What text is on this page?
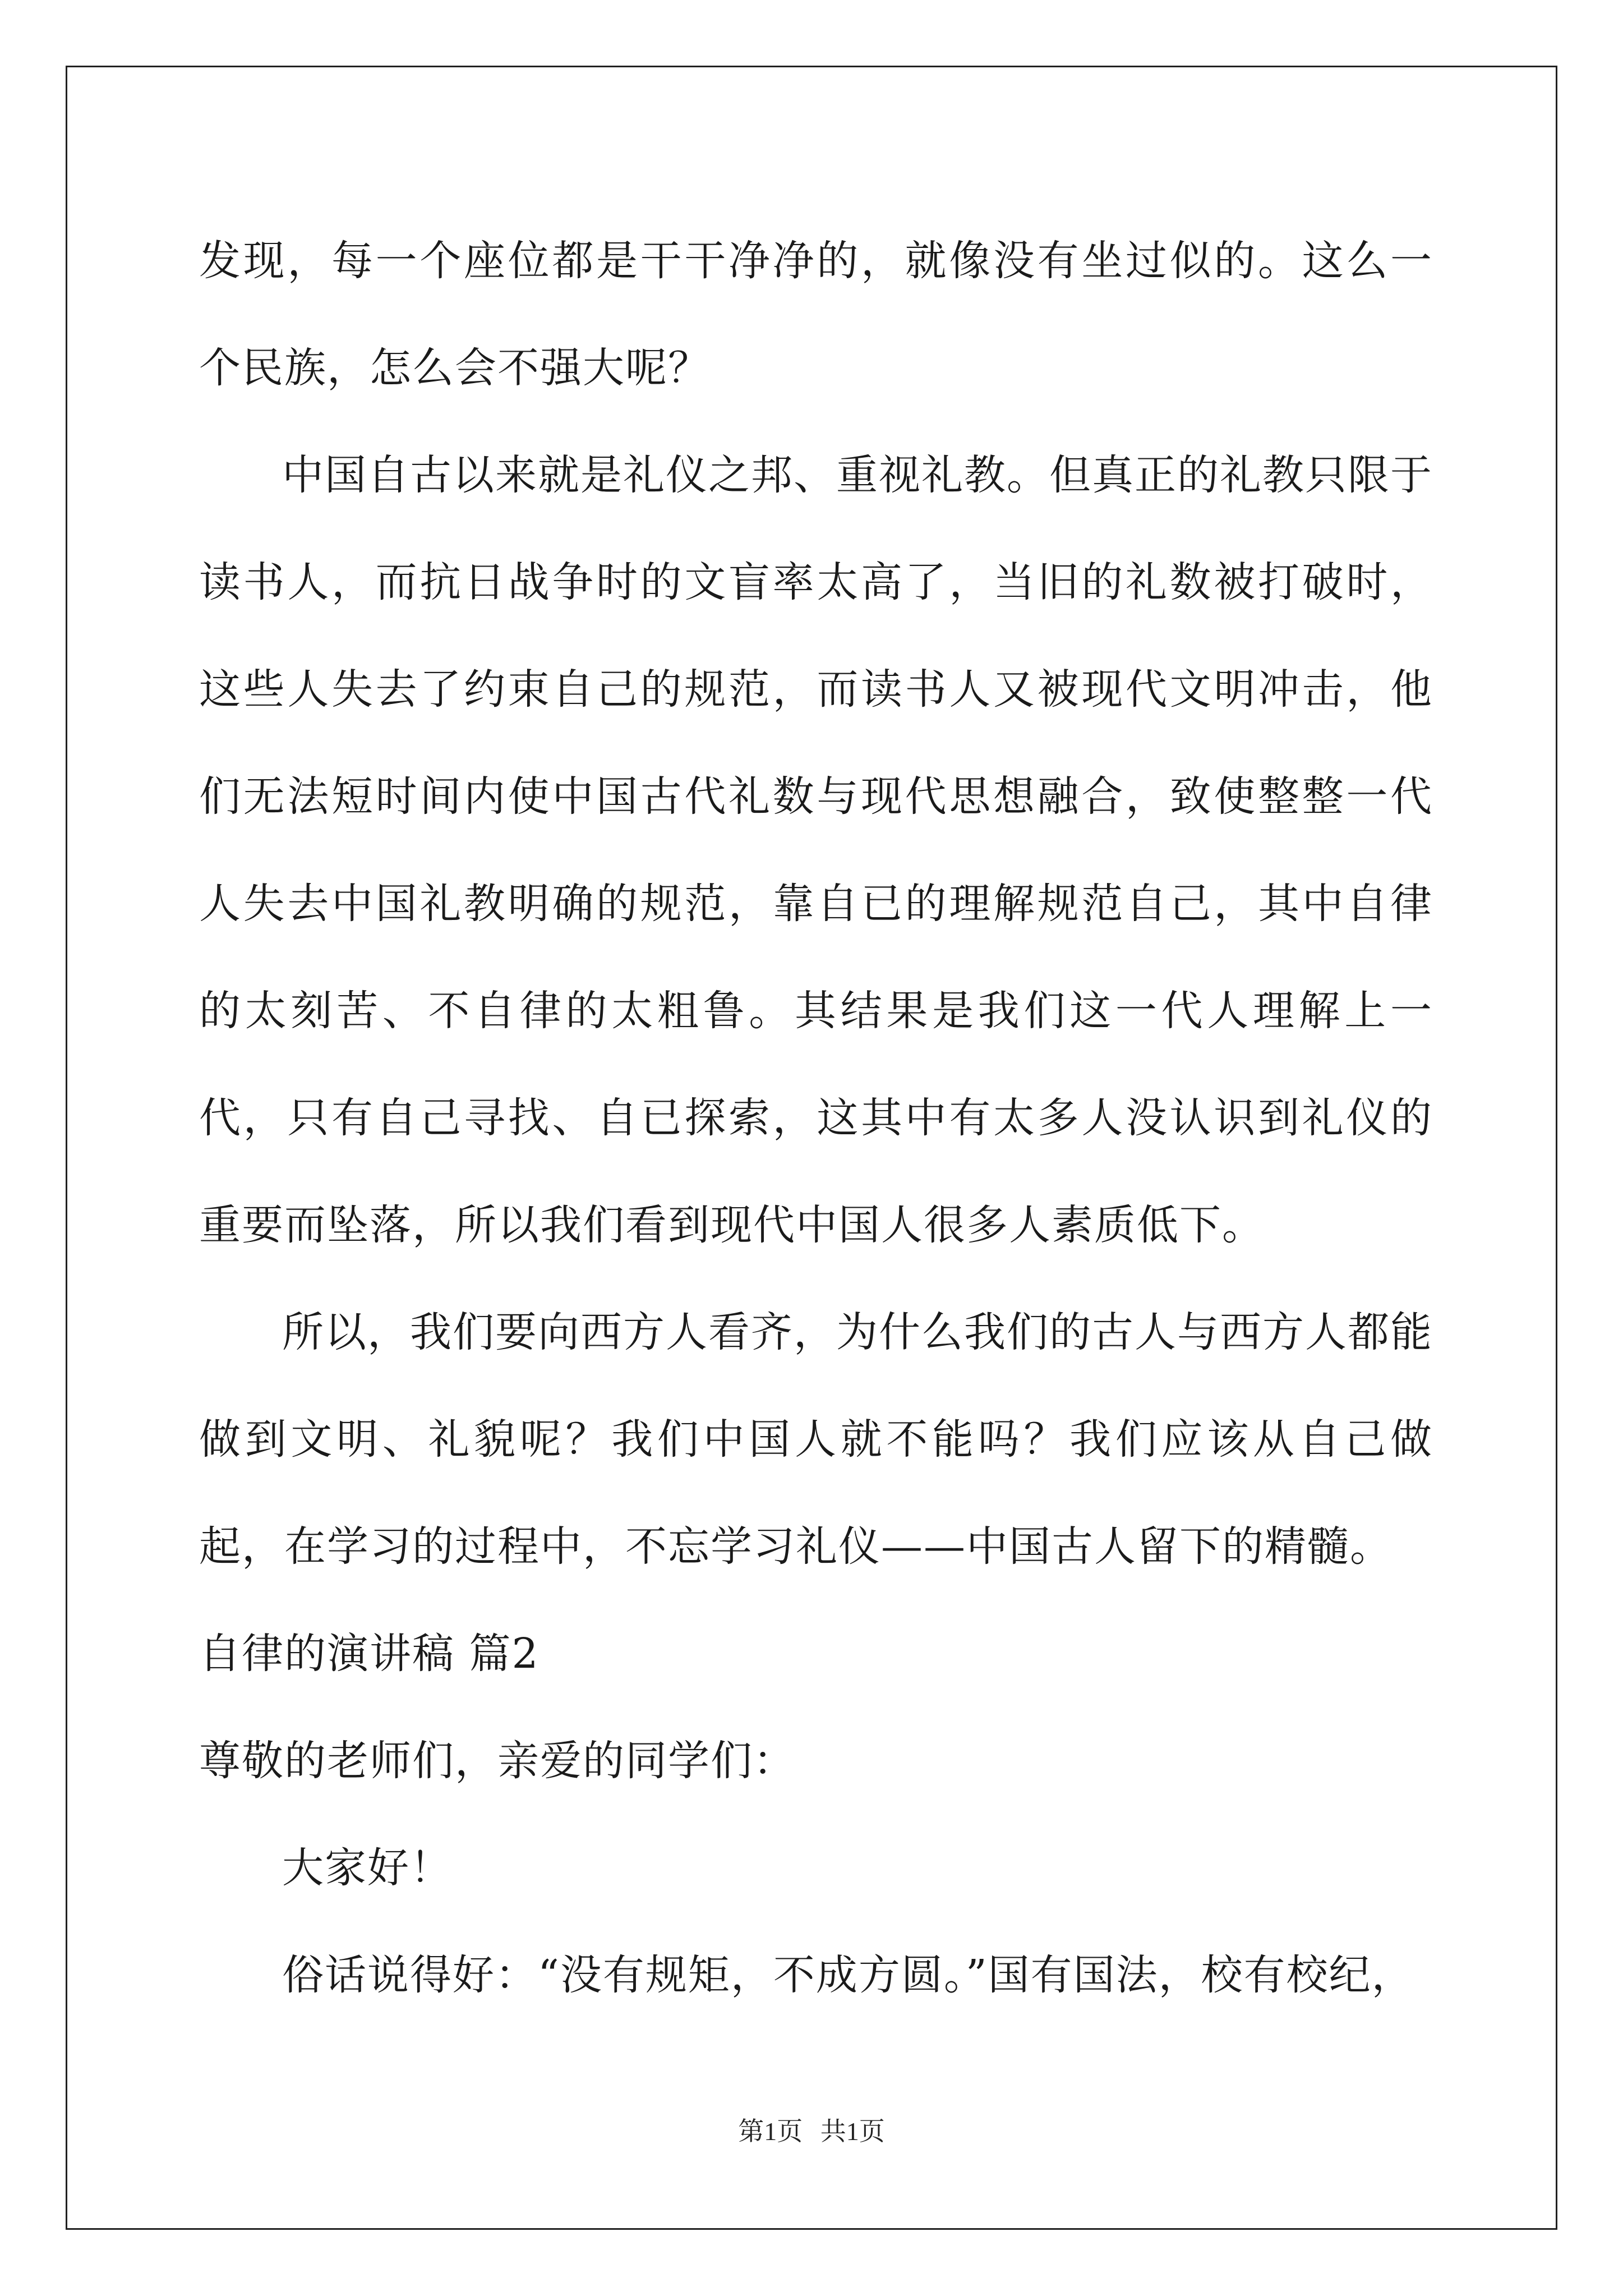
发现，每一个座位都是干干净净的，就像没有坐过似的。这么一个民族，怎么会不强大呢？

中国自古以来就是礼仪之邦、重视礼教。但真正的礼教只限于读书人，而抗日战争时的文盲率太高了，当旧的礼数被打破时，这些人失去了约束自己的规范，而读书人又被现代文明冲击，他们无法短时间内使中国古代礼数与现代思想融合，致使整整一代人失去中国礼教明确的规范，靠自已的理解规范自己，其中自律的太刻苦、不自律的太粗鲁。其结果是我们这一代人理解上一代，只有自己寻找、自已探索，这其中有太多人没认识到礼仪的重要而坠落，所以我们看到现代中国人很多人素质低下。

所以，我们要向西方人看齐，为什么我们的古人与西方人都能做到文明、礼貌呢？我们中国人就不能吗？我们应该从自己做起，在学习的过程中，不忘学习礼仪——中国古人留下的精髓。

自律的演讲稿 篇2

尊敬的老师们，亲爱的同学们：

大家好！

俗话说得好：“没有规矩，不成方圆。”国有国法，校有校纪，

第1页 共1页
